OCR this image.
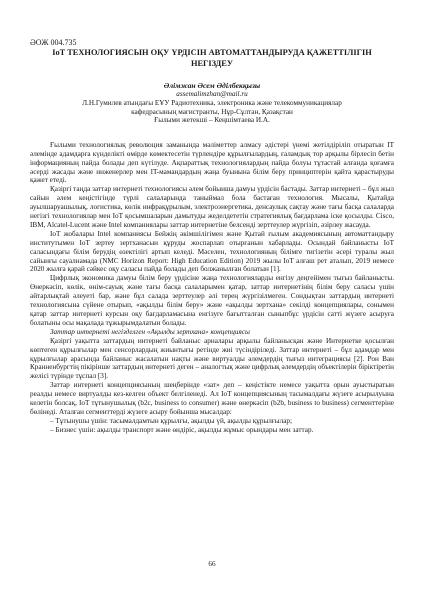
ӘОЖ 004.735
IoT ТЕХНОЛОГИЯСЫН ОҚУ ҮРДІСІН АВТОМАТТАНДЫРУДА ҚАЖЕТТІЛІГІН НЕГІЗДЕУ
Әлімжан Әсем Әділбекқызы
assemalimzhan@mail.ru
Л.Н.Гумилев атындағы ЕҰУ Радиотехника, электроника және телекоммуникациялар
кафедрасының магистранты, Нұр-Сұлтан, Қазақстан
Ғылыми жетекші – Кеңшімтаева И.А.

Ғылыми технологиялық революция заманында мәліметтер алмасу әдістері үнемі жетілдіріліп отыратын IT әлемінде адамдарға күнделікті өмірде көмектесетін түрлендіре құрылғылардың, ғаламдық тор арқылы бірлесіп бетін інформацияның пайда болады деп күтілуде. Ақпараттық технологиялардың пайда болуы тұтастай алғанда қоғамға әсерді жасады және инженерлер мен IT-мамандардың жаңа буынына білім беру принциптерін қайта қарастыруды қажет етеді.

Қазіргі таңда заттар интернеті технологиясы әлем бойынша дамуы үрдісін бастады. Заттар интернеті – бұл жыл сайын әлем кеңістігінде түрлі салаларында таныймал бола бастаған технология. Мысалы, Қытайда ауылшаруашылық, логистика, көлік инфрақұрылым, электроэнергетика, денсаулық сақтау және тағы басқа салаларда негізгі технологиялар мен IoT қосымшаларын дамытуды жеделдететін стратегиялық бағдарлама іске қосылды. Cisco, IBM, Alcatel-Lucent және Intel компаниялары заттар интернетіне белсенді зерттеулер жүргізіп, әзірлеу жасауда.

IoT жобалары Intel компаниясы Бейжің әкімшілігімен және Қытай ғылым академиясының автоматтандыру институтымен IoT зертеу зертханасын құруды жоспарлап отырғанын хабарлады. Осындай байланысты IoT саласындағы білім берудің өзектілігі артып келеді. Мәселен, технологияның білімге тигізетін әсері туралы жыл сайынғы сауалнамада (NMC Horizon Report: High Education Edition) 2019 жылы IoT алғаш рет аталып, 2019 немесе 2020 жылға қарай сәйкес оқу салаcы пайда болады деп болжанылған болатын [1].

Цифрлық экономика дамуы білім беру үрдісіне жаңа технологияларды енгізу деңгейімен тығыз байланысты. Өнеркәсіп, көлік, өнім-сауық және тағы басқа салаларымен қатар, заттар интернетінің білім беру саласы үшін айтарлықтай әлеуеті бар, және бұл салада зерттеулер әлі терең жүргізілмеген. Сондықтан заттардың интернеті технологиясына сүйене отырып, «ақылды білім беру» және «ақылды зертхана» секілді концепциялары, сонымен қатар заттар интернеті курсын оқу бағдарламасына енгізуге бағытталған сыныпбұс үрдісін сатті жүзеге асыруға болатыны осы мақалада тұжырымдалатын болады.

Заттар интернеті негізделген «Ақылды зертхана» концепциясы

Қазіргі уақытта заттардың интернеті байланыс арналары арқылы байланысқан және Интернетке қосылған көптеген құрылғылар мен сенсорлардың жиынтығы ретінде жиі түсіндіріледі. Заттар интернеті – бұл адамдар мен құрылғылар арасында байланыс жасалатын нақты және виртуалды әлемдердің тығыз интеграциясы [2]. Рон Ван Кранненбургтің пікірінше заттардың интернеті деген – аналогтық және цифрлық әлемдердің объектілерін біріктіретін желісі түрінде тұспал [3].

Заттар интернеті концепциясының шеңберінде «зат» деп – кеңістікте немесе уақытта орын ауыстыратын реалды немесе виртуалды кез-келген объект белгіленеді. Ал IoT концепциясының тасымалдағы жүзеге асырылуына келетін болсақ, IoT тұтынушылық (b2c, business to consumer) және өнеркәсіп (b2b, business to business) сегменттеріне бөлінеді. Аталған сегменттерді жүзеге асыру бойынша мысалдар:

– Тұтынушы үшін: тасымалдамтын құрылғы, ақылды үй, ақылды құрылғылар;

– Бизнес үшін: ақылды транспорт және өндіріс, ақылды жұмыс орындары мен заттар.

66
